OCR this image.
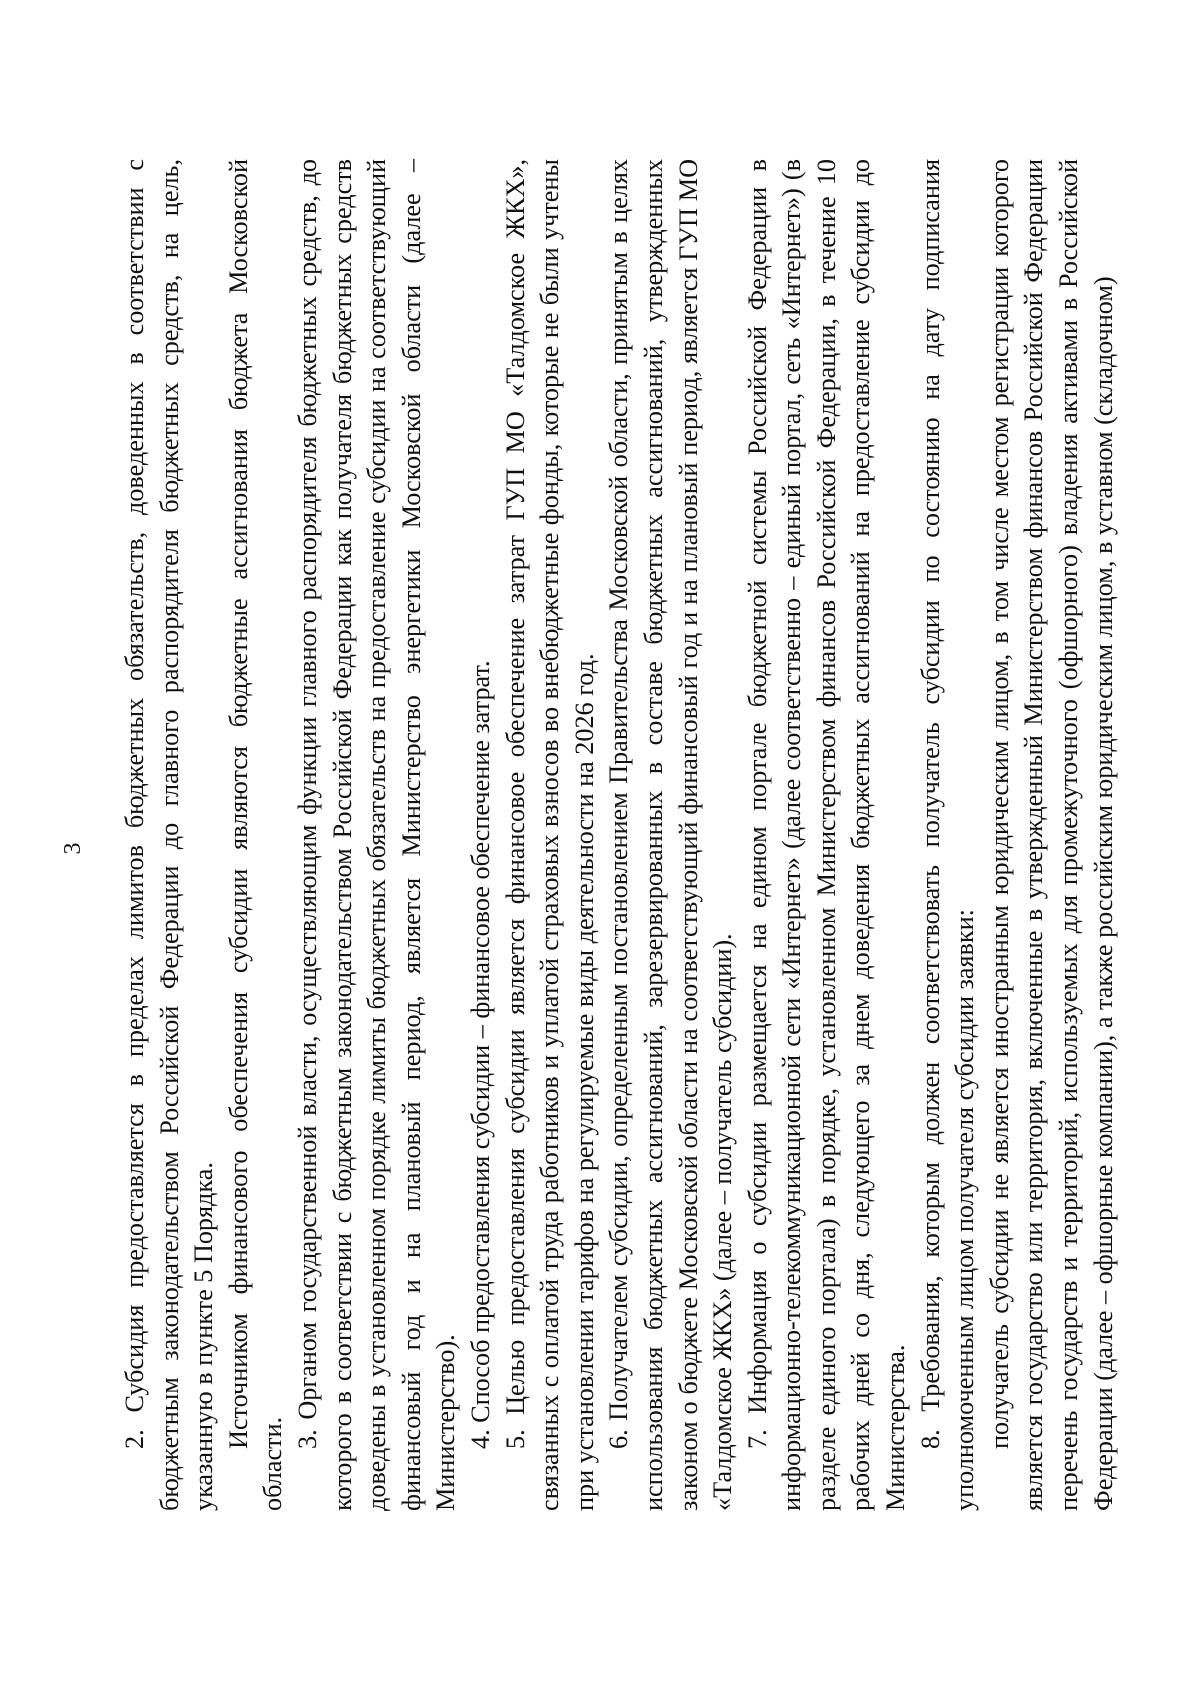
3 2. Субсидия предоставляется в пределах лимитов бюджетных обязательств, доведенных в соответствии с бюджетным законодательством Российской Федерации до главного распорядителя бюджетных средств, на цель, указанную в пункте 5 Порядка. Источником финансового обеспечения субсидии являются бюджетные ассигнования бюджета Московской области.

3. Органом государственной власти, осуществляющим функции главного распорядителя бюджетных средств, до которого в соответствии с бюджетным законодательством Российской Федерации как получателя бюджетных средств доведены в установленном порядке лимиты бюджетных обязательств на предоставление субсидии на соответствующий финансовый год и на плановый период, является Министерство энергетики Московской области (далее – Министерство). 4. Способ предоставления субсидии – финансовое обеспечение затрат. 5. Целью предоставления субсидии является финансовое обеспечение затрат ГУП МО «Талдомское ЖКХ», связанных с оплатой труда работников и уплатой страховых взносов во внебюджетные фонды, которые не были учтены при установлении тарифов на регулируемые виды деятельности на 2026 год. 6. Получателем субсидии, определенным постановлением Правительства Московской области, принятым в целях использования бюджетных ассигнований, зарезервированных в составе бюджетных ассигнований, утвержденных законом о бюджете Московской области на соответствующий финансовый год и на плановый период, является ГУП МО «Талдомское ЖКХ» (далее – получатель субсидии). 7. Информация о субсидии размещается на едином портале бюджетной системы Российской Федерации в информационно-телекоммуникационной сети «Интернет» (далее соответственно – единый портал, сеть «Интернет») (в разделе единого портала) в порядке, установленном Министерством финансов Российской Федерации, в течение 10 рабочих дней со дня, следующего за днем доведения бюджетных ассигнований на предоставление субсидии до Министерства. 8. Требования, которым должен соответствовать получатель субсидии по состоянию на дату подписания уполномоченным лицом получателя субсидии заявки: получатель субсидии не является иностранным юридическим лицом, в том числе местом регистрации которого является государство или территория, включенные в утвержденный Министерством финансов Российской Федерации перечень государств и территорий, используемых для промежуточного (офшорного) владения активами в Российской Федерации (далее – офшорные компании), а также российским юридическим лицом, в уставном (складочном)
